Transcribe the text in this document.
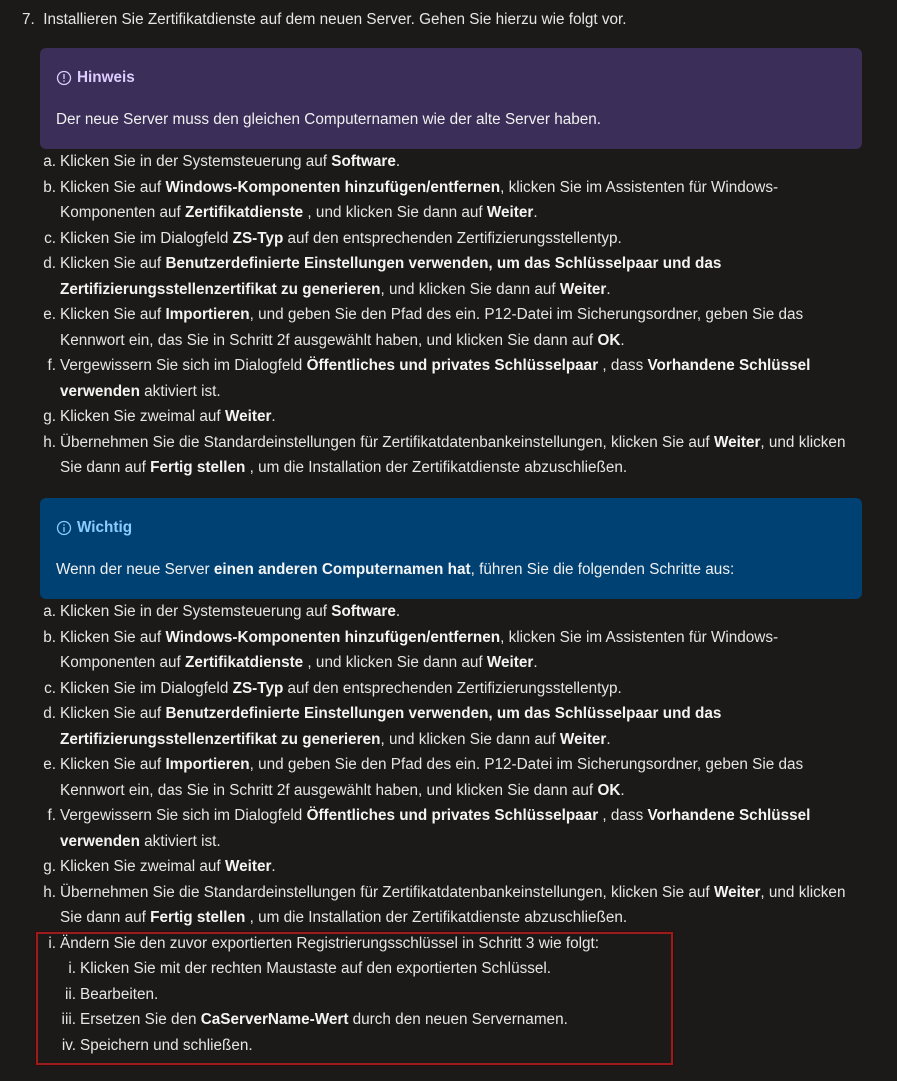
7. Installieren Sie Zertifikatdienste auf dem neuen Server. Gehen Sie hierzu wie folgt vor.
Hinweis
Der neue Server muss den gleichen Computernamen wie der alte Server haben.
a. Klicken Sie in der Systemsteuerung auf Software.
b. Klicken Sie auf Windows-Komponenten hinzufügen/entfernen, klicken Sie im Assistenten für Windows-Komponenten auf Zertifikatdienste , und klicken Sie dann auf Weiter.
c. Klicken Sie im Dialogfeld ZS-Typ auf den entsprechenden Zertifizierungsstellentyp.
d. Klicken Sie auf Benutzerdefinierte Einstellungen verwenden, um das Schlüsselpaar und das Zertifizierungsstellenzertifikat zu generieren, und klicken Sie dann auf Weiter.
e. Klicken Sie auf Importieren, und geben Sie den Pfad des ein. P12-Datei im Sicherungsordner, geben Sie das Kennwort ein, das Sie in Schritt 2f ausgewählt haben, und klicken Sie dann auf OK.
f. Vergewissern Sie sich im Dialogfeld Öffentliches und privates Schlüsselpaar , dass Vorhandene Schlüssel verwenden aktiviert ist.
g. Klicken Sie zweimal auf Weiter.
h. Übernehmen Sie die Standardeinstellungen für Zertifikatdatenbankeinstellungen, klicken Sie auf Weiter, und klicken Sie dann auf Fertig stellen , um die Installation der Zertifikatdienste abzuschließen.
Wichtig
Wenn der neue Server einen anderen Computernamen hat, führen Sie die folgenden Schritte aus:
a. Klicken Sie in der Systemsteuerung auf Software.
b. Klicken Sie auf Windows-Komponenten hinzufügen/entfernen, klicken Sie im Assistenten für Windows-Komponenten auf Zertifikatdienste , und klicken Sie dann auf Weiter.
c. Klicken Sie im Dialogfeld ZS-Typ auf den entsprechenden Zertifizierungsstellentyp.
d. Klicken Sie auf Benutzerdefinierte Einstellungen verwenden, um das Schlüsselpaar und das Zertifizierungsstellenzertifikat zu generieren, und klicken Sie dann auf Weiter.
e. Klicken Sie auf Importieren, und geben Sie den Pfad des ein. P12-Datei im Sicherungsordner, geben Sie das Kennwort ein, das Sie in Schritt 2f ausgewählt haben, und klicken Sie dann auf OK.
f. Vergewissern Sie sich im Dialogfeld Öffentliches und privates Schlüsselpaar , dass Vorhandene Schlüssel verwenden aktiviert ist.
g. Klicken Sie zweimal auf Weiter.
h. Übernehmen Sie die Standardeinstellungen für Zertifikatdatenbankeinstellungen, klicken Sie auf Weiter, und klicken Sie dann auf Fertig stellen , um die Installation der Zertifikatdienste abzuschließen.
i. Ändern Sie den zuvor exportierten Registrierungsschlüssel in Schritt 3 wie folgt:
i. Klicken Sie mit der rechten Maustaste auf den exportierten Schlüssel.
ii. Bearbeiten.
iii. Ersetzen Sie den CaServerName-Wert durch den neuen Servernamen.
iv. Speichern und schließen.
